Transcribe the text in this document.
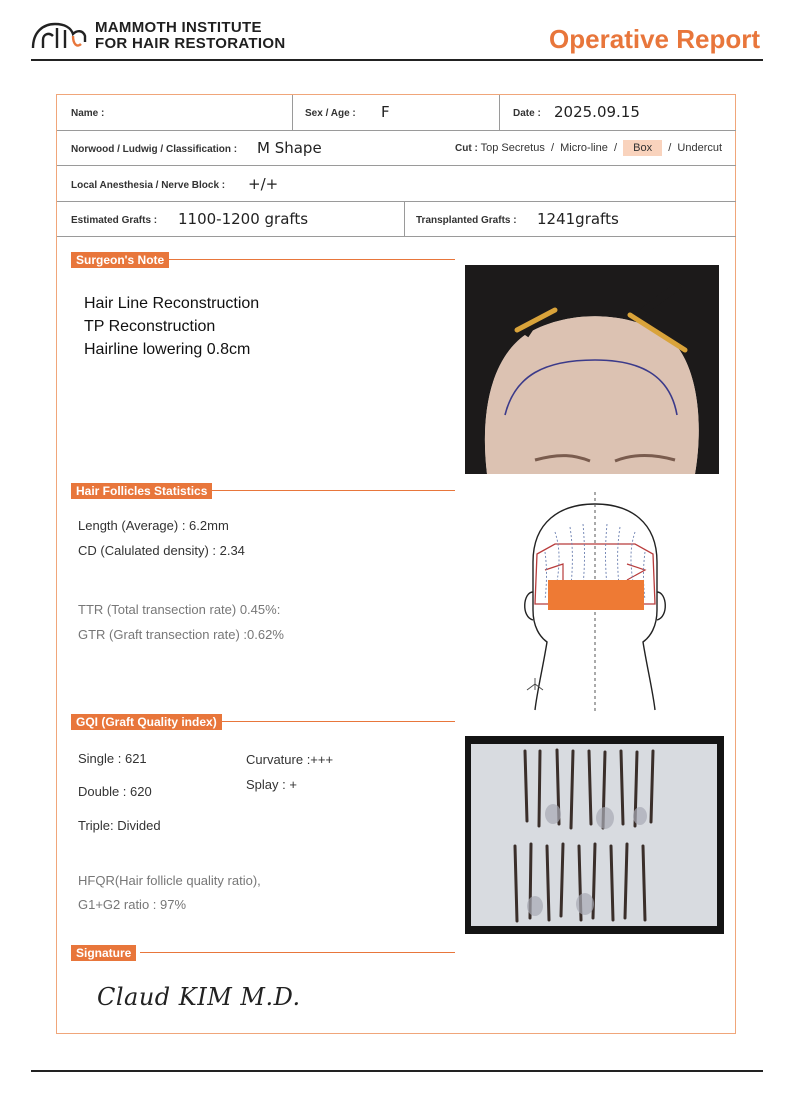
MAMMOTH INSTITUTE
FOR HAIR RESTORATION	Operative Report
Name :	Sex / Age : F	Date : 2025.09.15
Norwood / Ludwig / Classification : M Shape	Cut : Top Secretus  /  Micro-line  /  Box  /  Undercut
Local Anesthesia / Nerve Block : +/+
Estimated Grafts : 1100-1200 grafts	Transplanted Grafts : 1241grafts
Surgeon's Note
Hair Line Reconstruction
TP Reconstruction
Hairline lowering 0.8cm
Hair Follicles Statistics
Length (Average) : 6.2mm
CD (Calulated density) : 2.34
TTR (Total transection rate) 0.45%:
GTR (Graft transection rate) :0.62%
GQI (Graft Quality index)
Single : 621
Double : 620
Triple: Divided
Curvature :+++
Splay : +
HFQR(Hair follicle quality ratio),
G1+G2 ratio : 97%
Signature
Claud KIM M.D.
